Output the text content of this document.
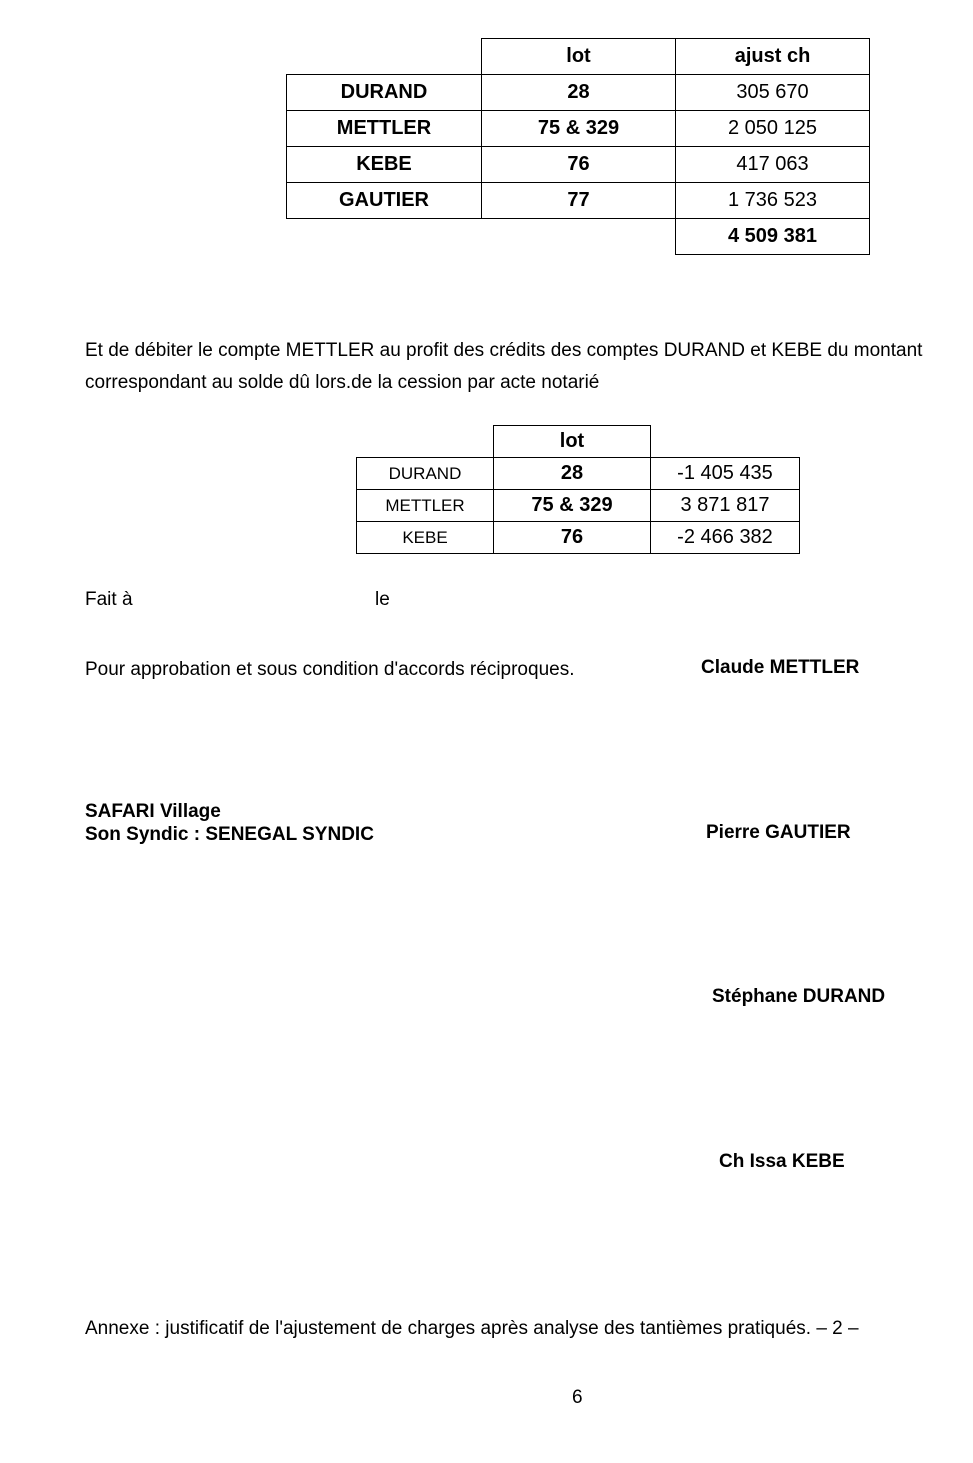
	lot	ajust ch
DURAND	28	305 670
METTLER	75 & 329	2 050 125
KEBE	76	417 063
GAUTIER	77	1 736 523
		4 509 381
Et de débiter le compte METTLER au profit des crédits des comptes DURAND et KEBE du montant correspondant au solde dû lors.de la cession par acte notarié
	lot	
DURAND	28	-1 405 435
METTLER	75 & 329	3 871 817
KEBE	76	-2 466 382
Fait à	le
Pour approbation et sous condition d'accords réciproques.	Claude METTLER
SAFARI Village
Son Syndic : SENEGAL SYNDIC	Pierre GAUTIER
Stéphane DURAND
Ch Issa KEBE
Annexe : justificatif de l'ajustement de charges après analyse des tantièmes pratiqués. – 2 –
6
